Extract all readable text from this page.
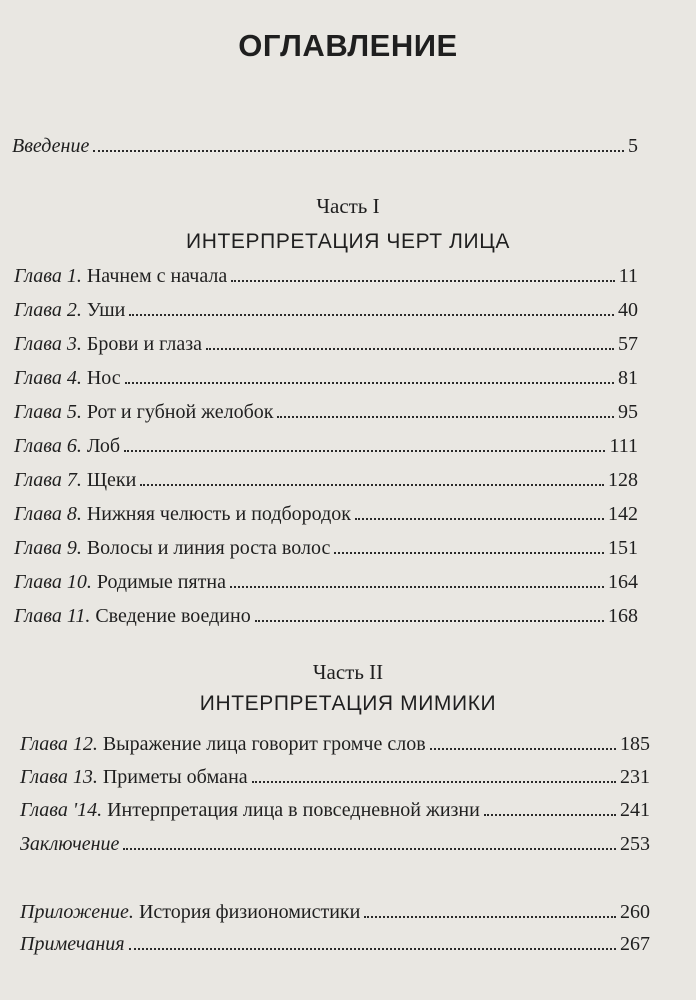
ОГЛАВЛЕНИЕ
Введение	5
Часть I
ИНТЕРПРЕТАЦИЯ ЧЕРТ ЛИЦА
Глава 1. Начнем с начала	11
Глава 2. Уши	40
Глава 3. Брови и глаза	57
Глава 4. Нос	81
Глава 5. Рот и губной желобок	95
Глава 6. Лоб	111
Глава 7. Щеки	128
Глава 8. Нижняя челюсть и подбородок	142
Глава 9. Волосы и линия роста волос	151
Глава 10. Родимые пятна	164
Глава 11. Сведение воедино	168
Часть II
ИНТЕРПРЕТАЦИЯ МИМИКИ
Глава 12. Выражение лица говорит громче слов	185
Глава 13. Приметы обмана	231
Глава '14. Интерпретация лица в повседневной жизни	241
Заключение	253
Приложение. История физиономистики	260
Примечания	267
